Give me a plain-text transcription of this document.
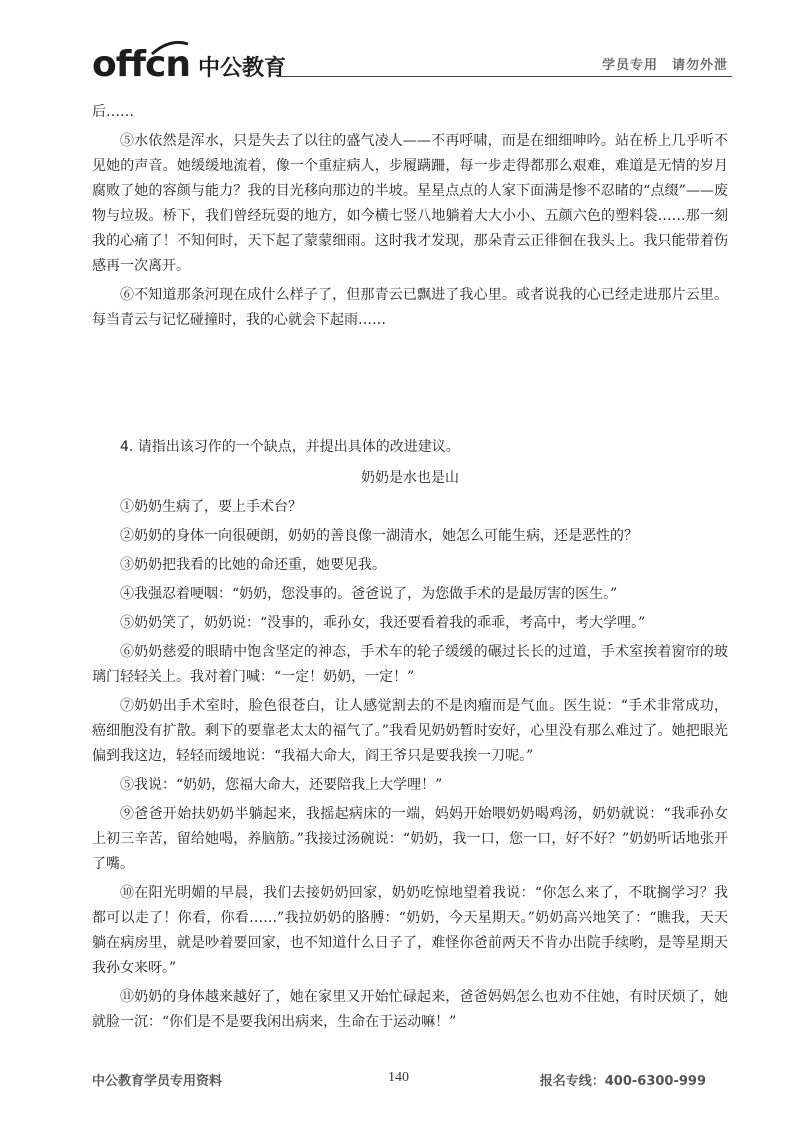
offcn 中公教育	学员专用 请勿外泄

后……

⑤水依然是浑水，只是失去了以往的盛气凌人——不再呼啸，而是在细细呻吟。站在桥上几乎听不见她的声音。她缓缓地流着，像一个重症病人，步履蹒跚，每一步走得都那么艰难，难道是无情的岁月腐败了她的容颜与能力？我的目光移向那边的半坡。星星点点的人家下面满是惨不忍睹的“点缀”——废物与垃圾。桥下，我们曾经玩耍的地方，如今横七竖八地躺着大大小小、五颜六色的塑料袋……那一刻我的心痛了！不知何时，天下起了蒙蒙细雨。这时我才发现，那朵青云正徘徊在我头上。我只能带着伤感再一次离开。

⑥不知道那条河现在成什么样子了，但那青云已飘进了我心里。或者说我的心已经走进那片云里。每当青云与记忆碰撞时，我的心就会下起雨……

4. 请指出该习作的一个缺点，并提出具体的改进建议。

奶奶是水也是山

①奶奶生病了，要上手术台？

②奶奶的身体一向很硬朗，奶奶的善良像一湖清水，她怎么可能生病，还是恶性的？

③奶奶把我看的比她的命还重，她要见我。

④我强忍着哽咽：“奶奶，您没事的。爸爸说了，为您做手术的是最厉害的医生。”

⑤奶奶笑了，奶奶说：“没事的，乖孙女，我还要看着我的乖乖，考高中，考大学哩。”

⑥奶奶慈爱的眼睛中饱含坚定的神态，手术车的轮子缓缓的碾过长长的过道，手术室挨着窗帘的玻璃门轻轻关上。我对着门喊：“一定！奶奶，一定！”

⑦奶奶出手术室时，脸色很苍白，让人感觉割去的不是肉瘤而是气血。医生说：“手术非常成功，癌细胞没有扩散。剩下的要靠老太太的福气了。”我看见奶奶暂时安好，心里没有那么难过了。她把眼光偏到我这边，轻轻而缓地说：“我福大命大，阎王爷只是要我挨一刀呢。”

⑤我说：“奶奶，您福大命大，还要陪我上大学哩！”

⑨爸爸开始扶奶奶半躺起来，我摇起病床的一端，妈妈开始喂奶奶喝鸡汤，奶奶就说：“我乖孙女上初三辛苦，留给她喝，养脑筋。”我接过汤碗说：“奶奶，我一口，您一口，好不好？”奶奶听话地张开了嘴。

⑩在阳光明媚的早晨，我们去接奶奶回家，奶奶吃惊地望着我说：“你怎么来了，不耽搁学习？我都可以走了！你看，你看……”我拉奶奶的胳膊：“奶奶，今天星期天。”奶奶高兴地笑了：“瞧我，天天躺在病房里，就是吵着要回家，也不知道什么日子了，难怪你爸前两天不肯办出院手续哟，是等星期天我孙女来呀。”

⑪奶奶的身体越来越好了，她在家里又开始忙碌起来，爸爸妈妈怎么也劝不住她，有时厌烦了，她就脸一沉：“你们是不是要我闲出病来，生命在于运动嘛！”

中公教育学员专用资料	140	报名专线：400-6300-999
